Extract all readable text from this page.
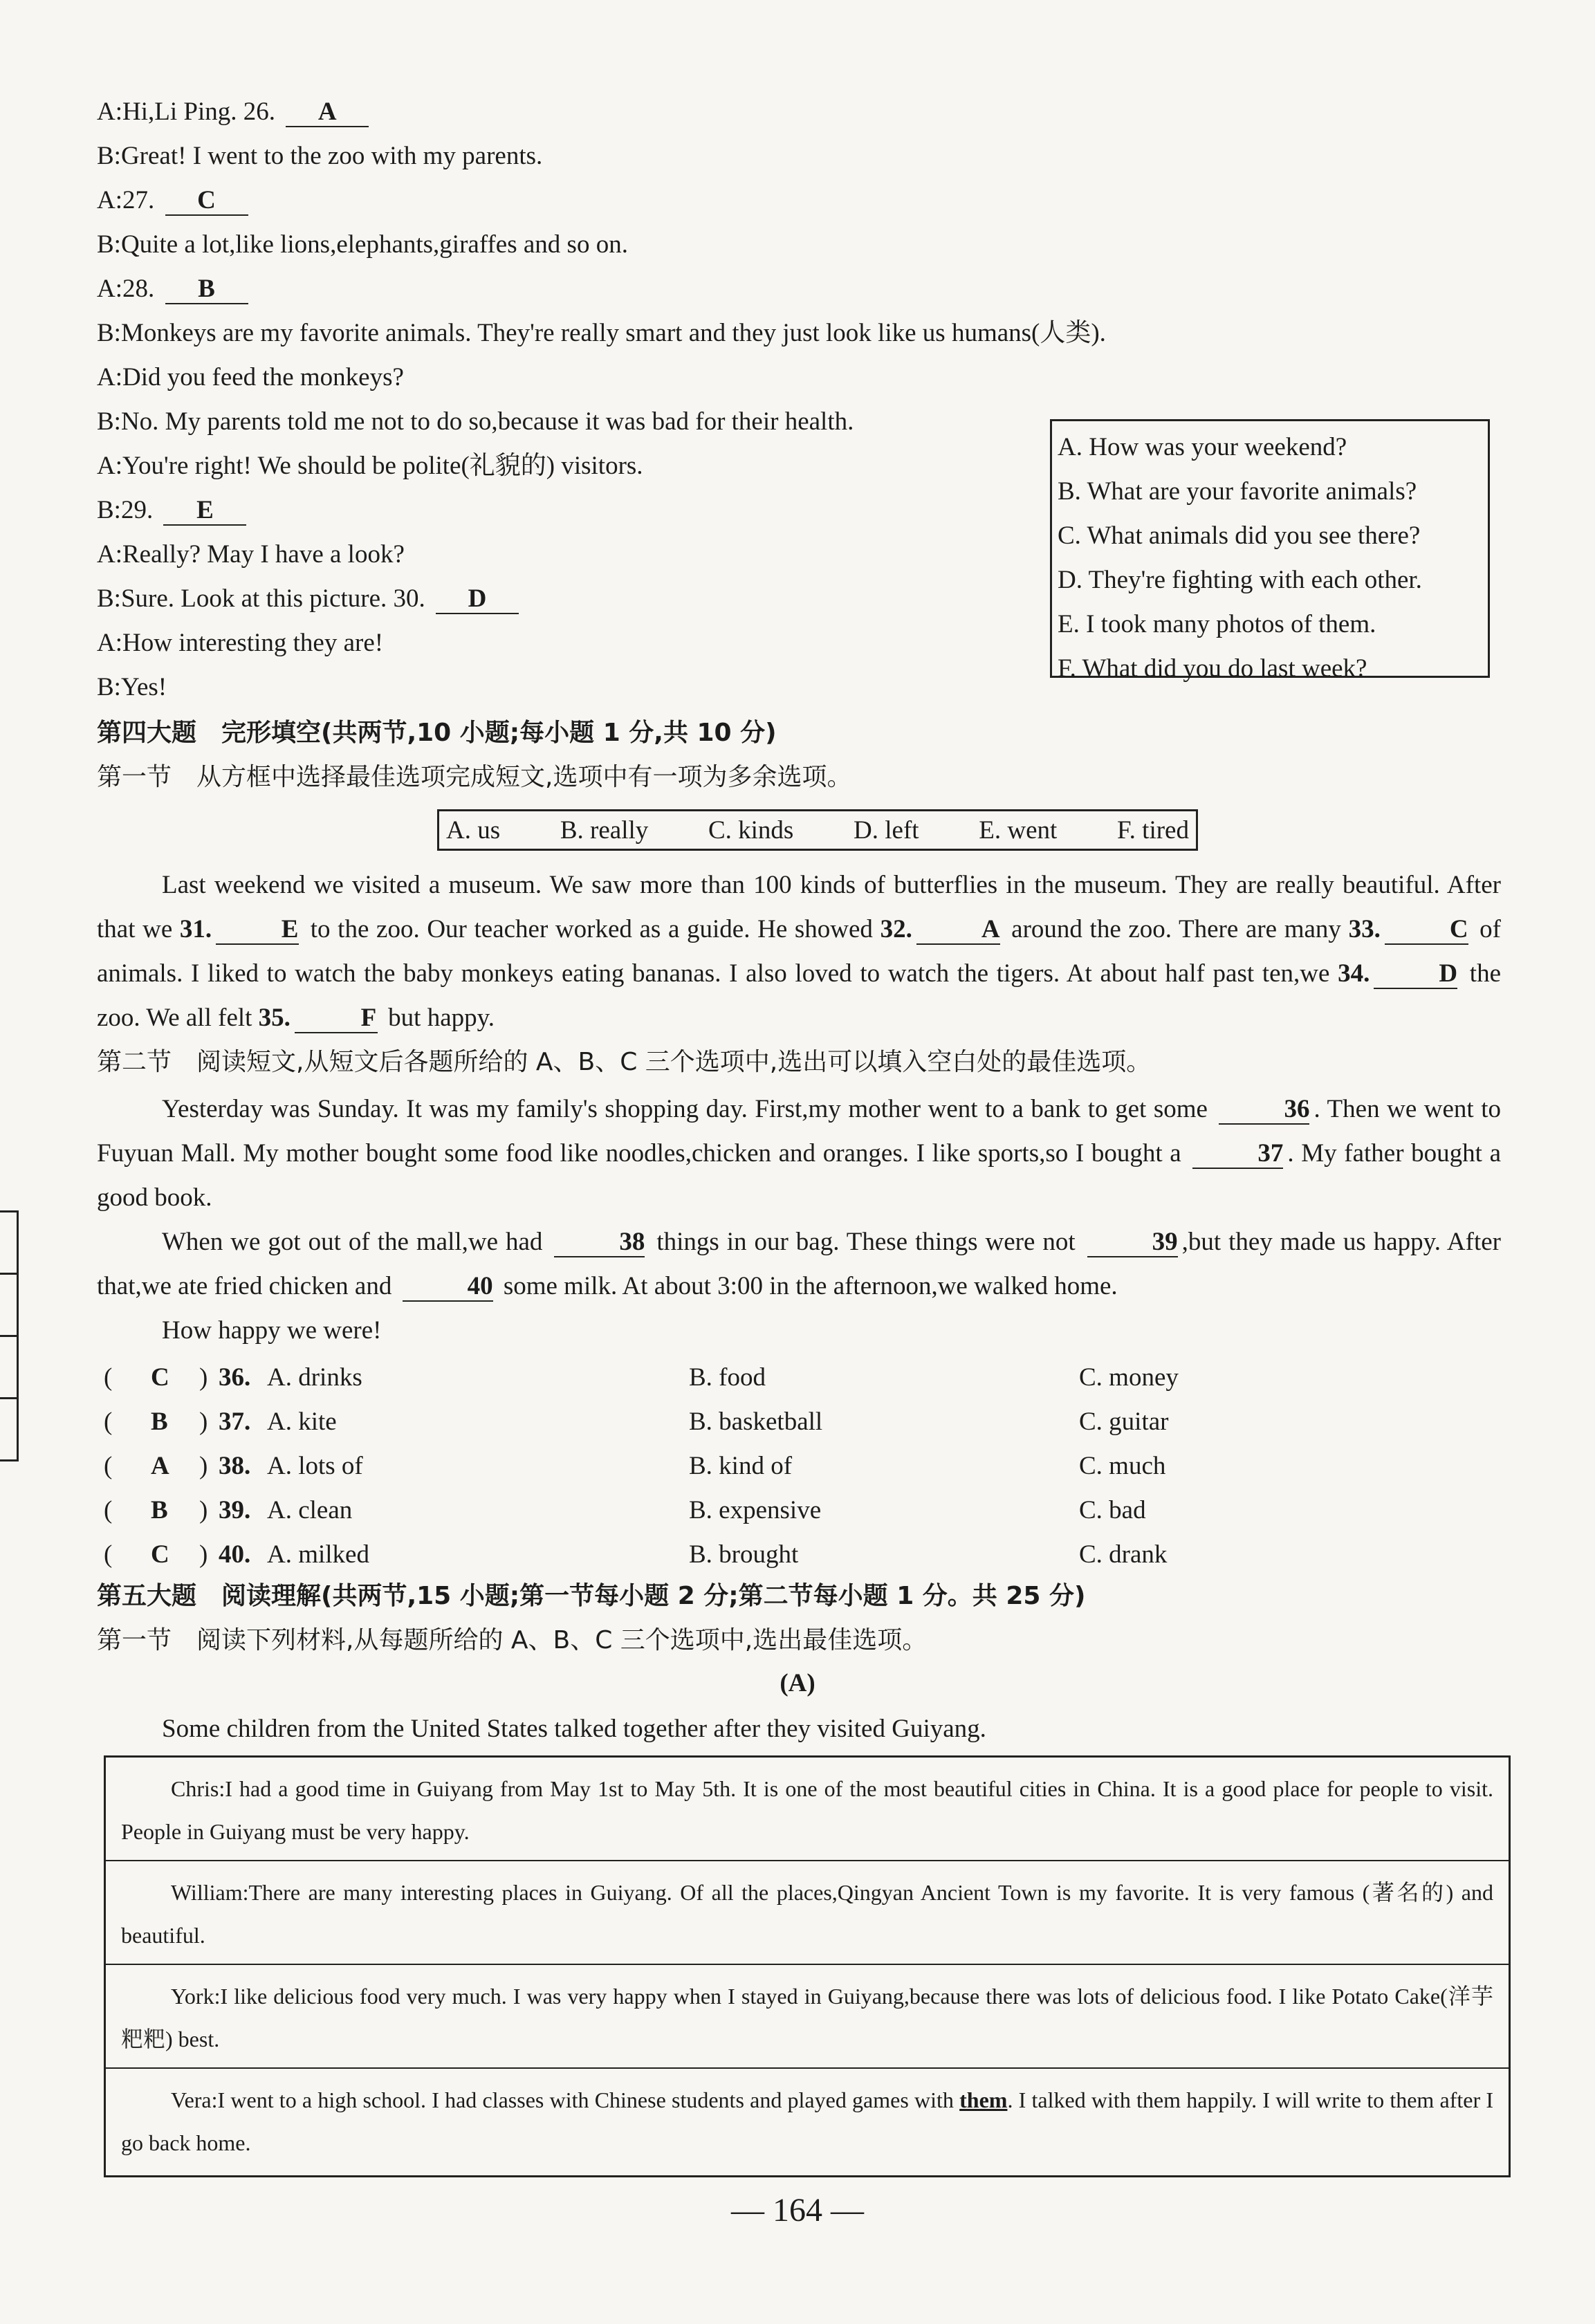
A:Hi,Li Ping. 26. A
B:Great! I went to the zoo with my parents.
A:27. C
B:Quite a lot,like lions,elephants,giraffes and so on.
A:28. B
B:Monkeys are my favorite animals. They're really smart and they just look like us humans(人类).
A:Did you feed the monkeys?
B:No. My parents told me not to do so,because it was bad for their health.
A:You're right! We should be polite(礼貌的) visitors.
B:29. E
A:Really? May I have a look?
B:Sure. Look at this picture. 30. D
A:How interesting they are!
B:Yes!
A. How was your weekend?
B. What are your favorite animals?
C. What animals did you see there?
D. They're fighting with each other.
E. I took many photos of them.
F. What did you do last week?
第四大题　完形填空(共两节,10 小题;每小题 1 分,共 10 分)
第一节　从方框中选择最佳选项完成短文,选项中有一项为多余选项。
A. us B. really C. kinds D. left E. went F. tired
Last weekend we visited a museum. We saw more than 100 kinds of butterflies in the museum. They are really beautiful. After that we 31.	E to the zoo. Our teacher worked as a guide. He showed 32.	A around the zoo. There are many 33.	C of animals. I liked to watch the baby monkeys eating bananas. I also loved to watch the tigers. At about half past ten,we 34.	D the zoo. We all felt 35.	F but happy.
第二节　阅读短文,从短文后各题所给的 A、B、C 三个选项中,选出可以填入空白处的最佳选项。
Yesterday was Sunday. It was my family's shopping day. First,my mother went to a bank to get some	36 . Then we went to Fuyuan Mall. My mother bought some food like noodles,chicken and oranges. I like sports,so I bought a	37 . My father bought a good book.
When we got out of the mall,we had	38 things in our bag. These things were not	39 ,but they made us happy. After that,we ate fried chicken and	40 some milk. At about 3:00 in the afternoon,we walked home.
How happy we were!
( C ) 36. A. drinks	B. food	C. money
( B ) 37. A. kite	B. basketball	C. guitar
( A ) 38. A. lots of	B. kind of	C. much
( B ) 39. A. clean	B. expensive	C. bad
( C ) 40. A. milked	B. brought	C. drank
第五大题　阅读理解(共两节,15 小题;第一节每小题 2 分;第二节每小题 1 分。共 25 分)
第一节　阅读下列材料,从每题所给的 A、B、C 三个选项中,选出最佳选项。
(A)
Some children from the United States talked together after they visited Guiyang.
Chris:I had a good time in Guiyang from May 1st to May 5th. It is one of the most beautiful cities in China. It is a good place for people to visit. People in Guiyang must be very happy.
William:There are many interesting places in Guiyang. Of all the places,Qingyan Ancient Town is my favorite. It is very famous (著名的) and beautiful.
York:I like delicious food very much. I was very happy when I stayed in Guiyang,because there was lots of delicious food. I like Potato Cake(洋芋粑粑) best.
Vera:I went to a high school. I had classes with Chinese students and played games with them. I talked with them happily. I will write to them after I go back home.
— 164 —
